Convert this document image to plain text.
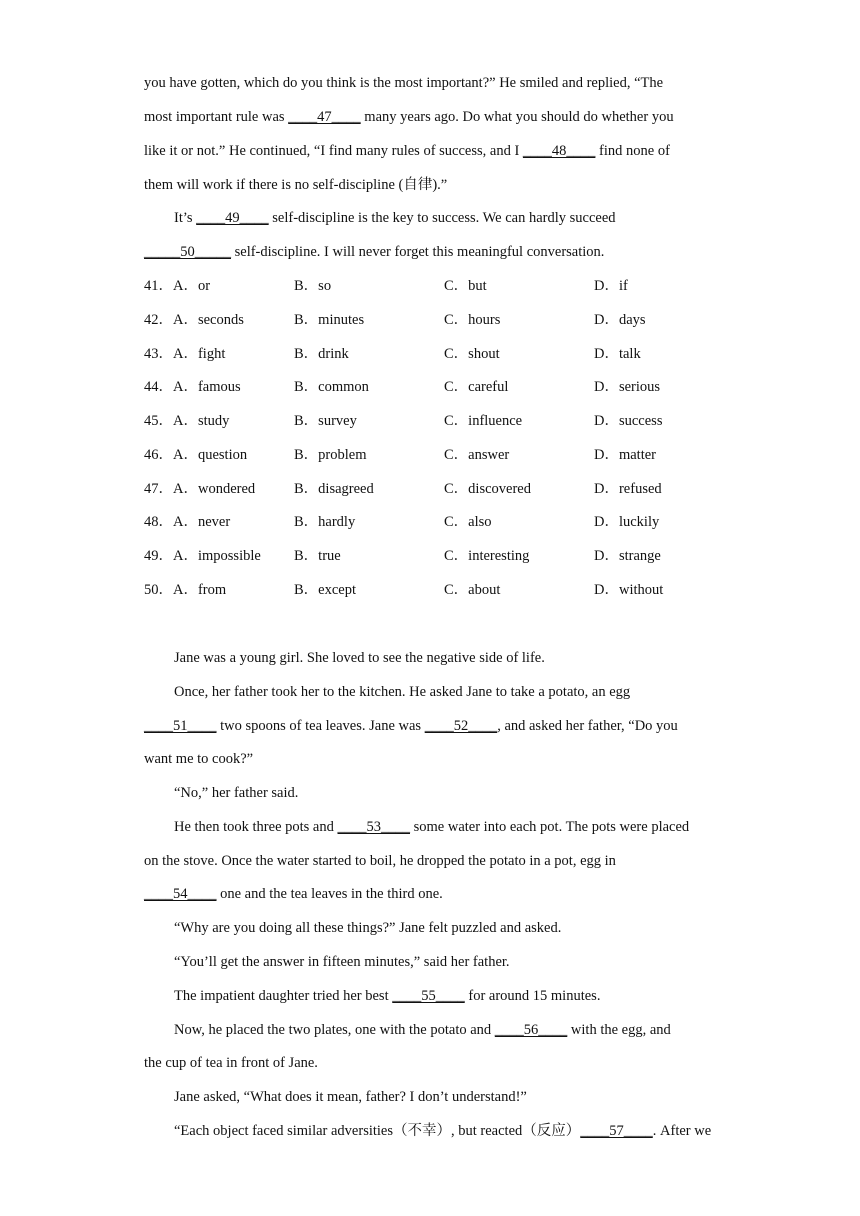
you have gotten, which do you think is the most important?” He smiled and replied, “The
most important rule was ____47____ many years ago. Do what you should do whether you
like it or not.” He continued, “I find many rules of success, and I ____48____ find none of
them will work if there is no self-discipline (自律).”
It’s ____49____ self-discipline is the key to success. We can hardly succeed
_____50_____ self-discipline. I will never forget this meaningful conversation.
41．A．or	B．so	C．but	D．if
42．A．seconds	B．minutes	C．hours	D．days
43．A．fight	B．drink	C．shout	D．talk
44．A．famous	B．common	C．careful	D．serious
45．A．study	B．survey	C．influence	D．success
46．A．question	B．problem	C．answer	D．matter
47．A．wondered	B．disagreed	C．discovered	D．refused
48．A．never	B．hardly	C．also	D．luckily
49．A．impossible B．true	C．interesting	D．strange
50．A．from	B．except	C．about	D．without
Jane was a young girl. She loved to see the negative side of life.
Once, her father took her to the kitchen. He asked Jane to take a potato, an egg
____51____ two spoons of tea leaves. Jane was ____52____, and asked her father, “Do you
want me to cook?”
“No,” her father said.
He then took three pots and ____53____ some water into each pot. The pots were placed
on the stove. Once the water started to boil, he dropped the potato in a pot, egg in
____54____ one and the tea leaves in the third one.
“Why are you doing all these things?” Jane felt puzzled and asked.
“You’ll get the answer in fifteen minutes,” said her father.
The impatient daughter tried her best ____55____ for around 15 minutes.
Now, he placed the two plates, one with the potato and ____56____ with the egg, and
the cup of tea in front of Jane.
Jane asked, “What does it mean, father? I don’t understand!”
“Each object faced similar adversities（不幸）, but reacted（反应）____57____. After we
